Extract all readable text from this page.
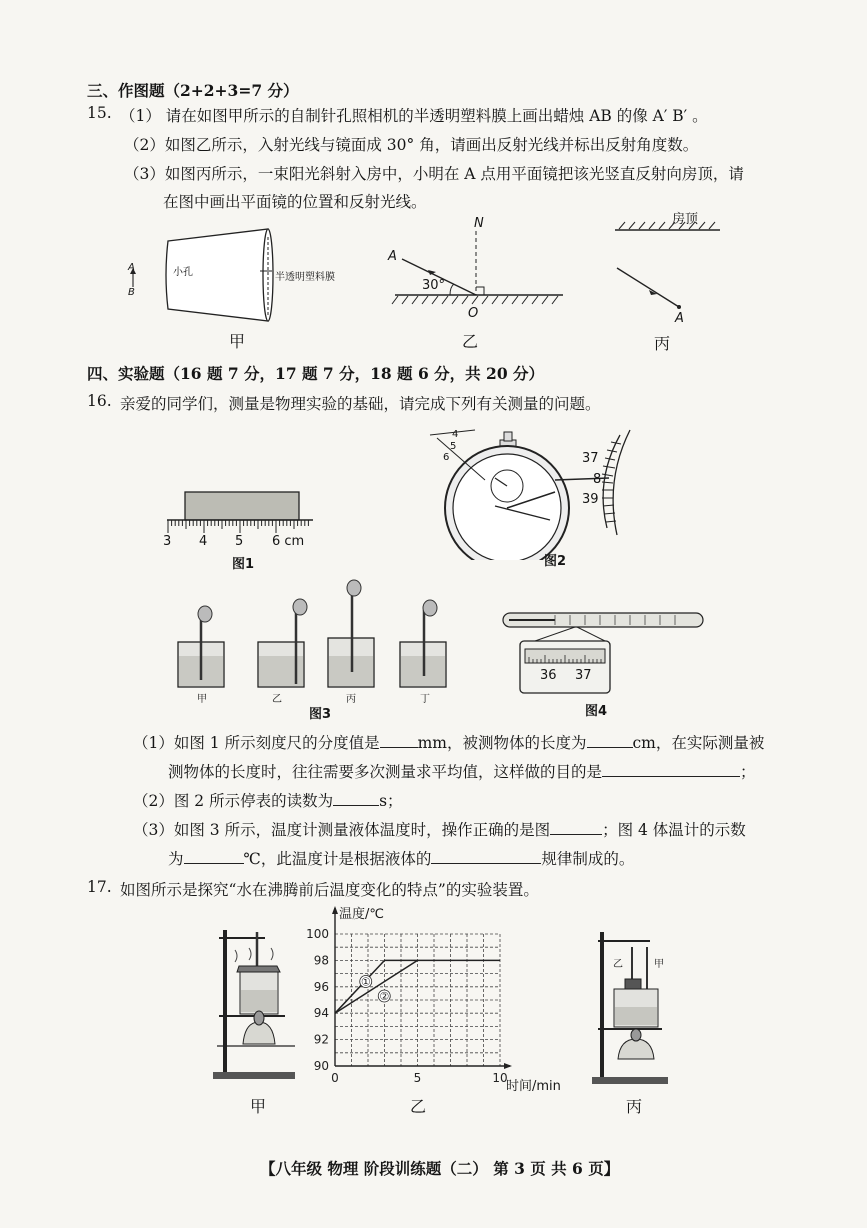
三、作图题（2+2+3=7 分）
15. （1） 请在如图甲所示的自制针孔照相机的半透明塑料膜上画出蜡烛 AB 的像 A′ B′ 。
（2）如图乙所示，入射光线与镜面成 30° 角，请画出反射光线并标出反射角度数。
（3）如图丙所示，一束阳光斜射入房中，小明在 A 点用平面镜把该光竖直反射向房顶，请
在图中画出平面镜的位置和反射光线。
A
B
小孔	半透明塑料膜
甲
N
A
30°
O
乙
房顶
A
丙
四、实验题（16 题 7 分，17 题 7 分，18 题 6 分，共 20 分）
16. 亲爱的同学们，测量是物理实验的基础，请完成下列有关测量的问题。
3 4 5 6 cm
图1
4
5
6	37
8
39
图2
甲	乙	丙	丁
图3
36 37
图4
（1）如图 1 所示刻度尺的分度值是 mm，被测物体的长度为	cm，在实际测量被
测物体的长度时，往往需要多次测量求平均值，这样做的目的是	；
（2）图 2 所示停表的读数为	s；
（3）如图 3 所示，温度计测量液体温度时，操作正确的是图	；图 4 体温计的示数
为	℃，此温度计是根据液体的	规律制成的。
17. 如图所示是探究“水在沸腾前后温度变化的特点”的实验装置。
甲
90
92
94
96
98
100
0	5	10
①
②
温度/℃
时间/min
乙
乙	甲
丙
【八年级 物理 阶段训练题（二） 第 3 页 共 6 页】
